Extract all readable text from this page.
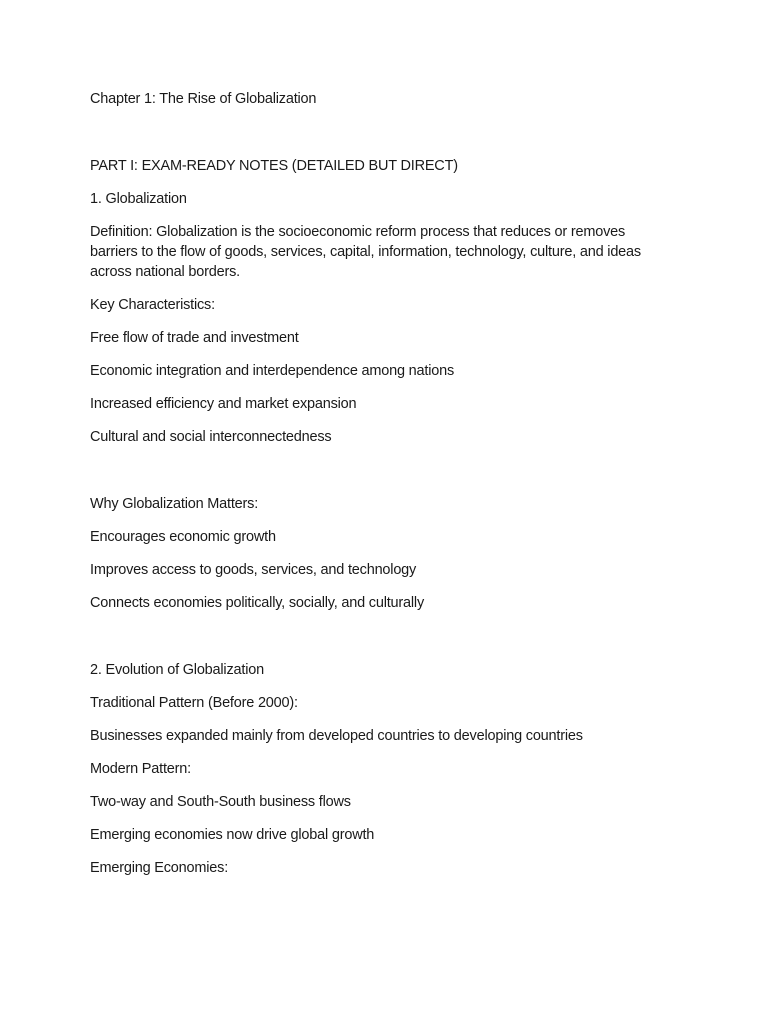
Chapter 1: The Rise of Globalization
PART I: EXAM-READY NOTES (DETAILED BUT DIRECT)
1. Globalization
Definition: Globalization is the socioeconomic reform process that reduces or removes barriers to the flow of goods, services, capital, information, technology, culture, and ideas across national borders.
Key Characteristics:
Free flow of trade and investment
Economic integration and interdependence among nations
Increased efficiency and market expansion
Cultural and social interconnectedness
Why Globalization Matters:
Encourages economic growth
Improves access to goods, services, and technology
Connects economies politically, socially, and culturally
2. Evolution of Globalization
Traditional Pattern (Before 2000):
Businesses expanded mainly from developed countries to developing countries
Modern Pattern:
Two-way and South-South business flows
Emerging economies now drive global growth
Emerging Economies:
